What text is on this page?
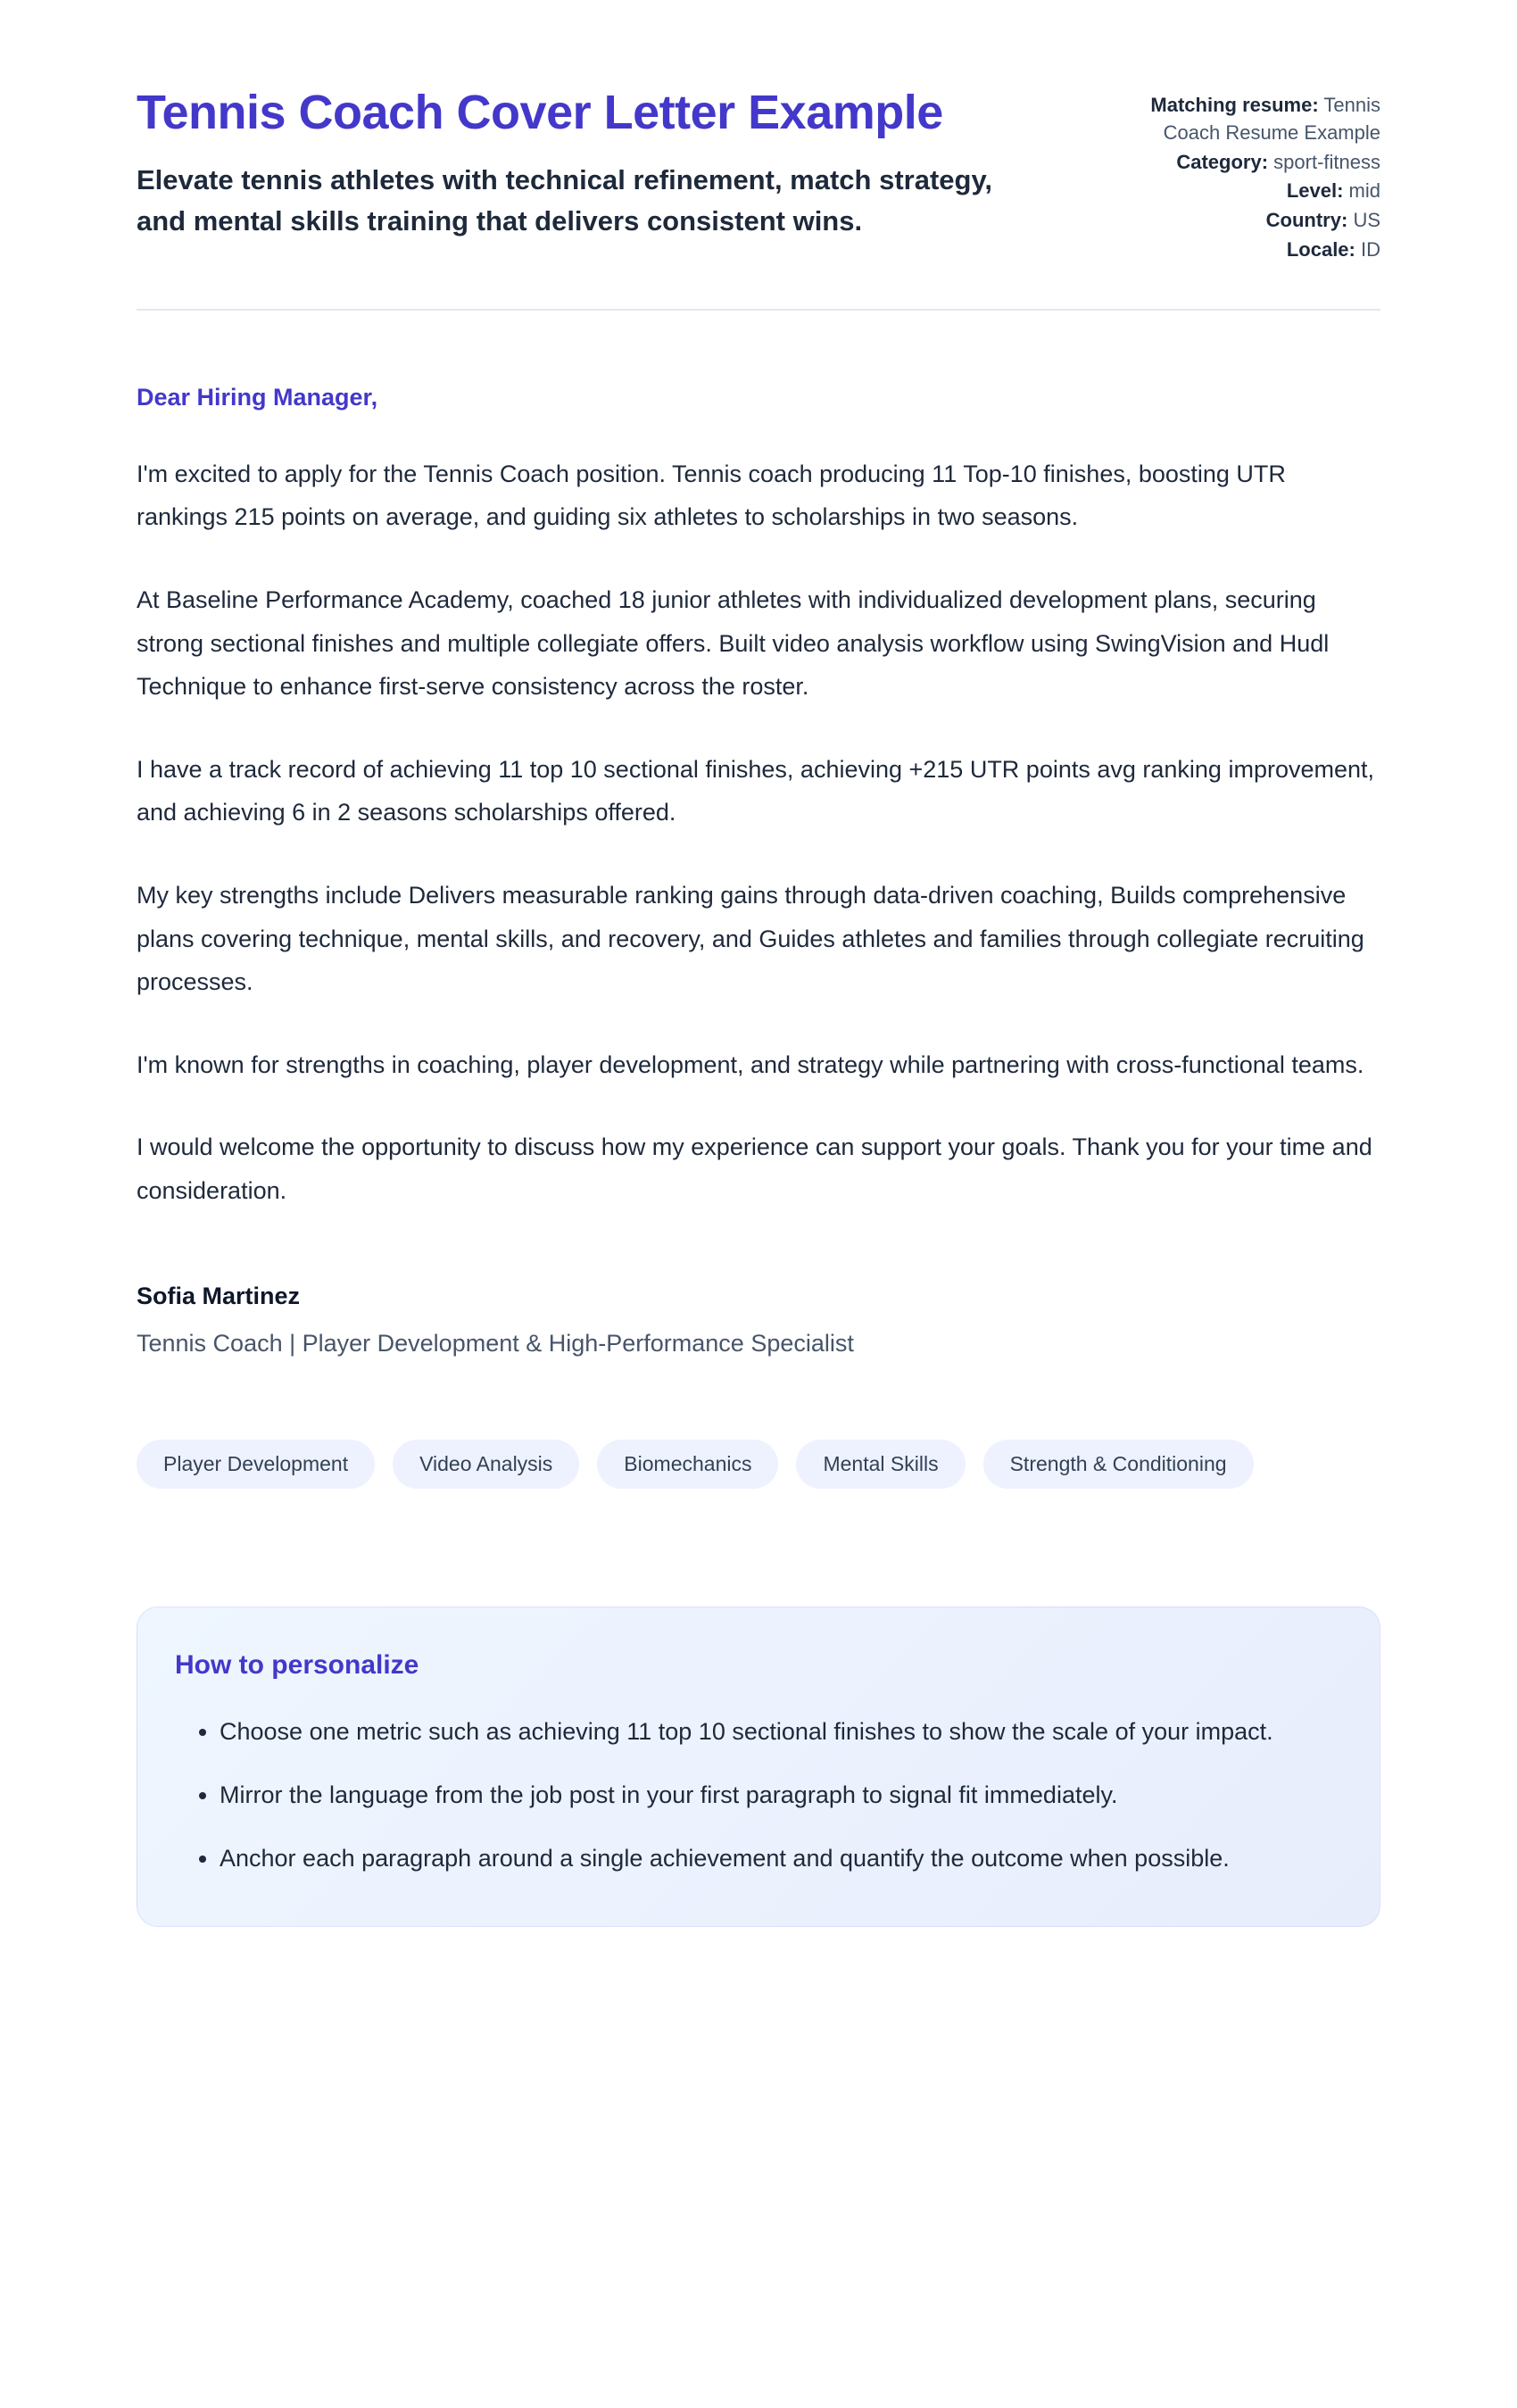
Tennis Coach Cover Letter Example
Elevate tennis athletes with technical refinement, match strategy, and mental skills training that delivers consistent wins.
Matching resume: Tennis Coach Resume Example
Category: sport-fitness
Level: mid
Country: US
Locale: ID
Dear Hiring Manager,

I'm excited to apply for the Tennis Coach position. Tennis coach producing 11 Top-10 finishes, boosting UTR rankings 215 points on average, and guiding six athletes to scholarships in two seasons.

At Baseline Performance Academy, coached 18 junior athletes with individualized development plans, securing strong sectional finishes and multiple collegiate offers. Built video analysis workflow using SwingVision and Hudl Technique to enhance first-serve consistency across the roster.

I have a track record of achieving 11 top 10 sectional finishes, achieving +215 UTR points avg ranking improvement, and achieving 6 in 2 seasons scholarships offered.

My key strengths include Delivers measurable ranking gains through data-driven coaching, Builds comprehensive plans covering technique, mental skills, and recovery, and Guides athletes and families through collegiate recruiting processes.

I'm known for strengths in coaching, player development, and strategy while partnering with cross-functional teams.

I would welcome the opportunity to discuss how my experience can support your goals. Thank you for your time and consideration.

Sofia Martinez
Tennis Coach | Player Development & High-Performance Specialist
Player Development	Video Analysis	Biomechanics	Mental Skills	Strength & Conditioning
How to personalize
• Choose one metric such as achieving 11 top 10 sectional finishes to show the scale of your impact.
• Mirror the language from the job post in your first paragraph to signal fit immediately.
• Anchor each paragraph around a single achievement and quantify the outcome when possible.
